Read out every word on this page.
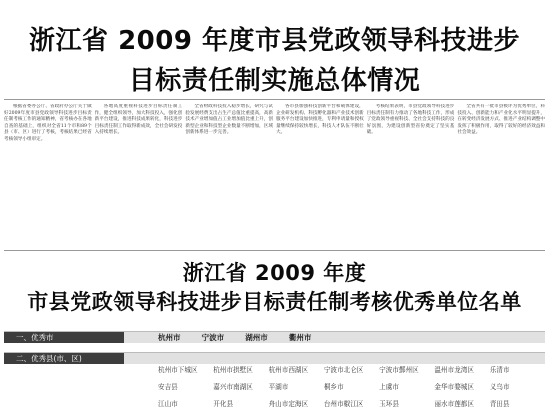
浙江省 2009 年度市县党政领导科技进步
目标责任制实施总体情况

根据省委办公厅、省政府办公厅关于做好2009年度市县党政领导科技进步目标责任制考核工作的通知精神，省考核办在各地自查的基础上，组织对全省11个市和89个县（市、区）进行了考核，考核结果已经省考核领导小组审定。

各地高度重视科技进步目标责任制工作，健全组织领导，加大科技投入，强化创新平台建设，推进科技成果转化，科技进步目标责任制工作取得新成效，全社会研发投入持续增长。

全省财政科技投入稳步增长，研究与试验发展经费支出占生产总值比重提高，高新技术产业增加值占工业增加值比重上升，创新型企业和科技型企业数量不断增加，区域创新体系进一步完善。

各市县加强科技创新平台和载体建设，企业研发机构、科技孵化器和产业技术创新服务平台建设加快推进，专利申请量和授权量继续保持较快增长，科技人才队伍不断壮大。

考核结果表明，市县党政领导科技进步目标责任制有力推动了各地科技工作，形成了党政领导重视科技、全社会支持科技的良好氛围，为建设创新型省份奠定了坚实基础。

全省共有一批市县被评为优秀单位，科技投入、创新能力和产业化水平明显提升，在转变经济发展方式、推进产业结构调整中发挥了积极作用，取得了较好的经济效益和社会效益。

浙江省 2009 年度
市县党政领导科技进步目标责任制考核优秀单位名单
一、优秀市	杭州市	宁波市	湖州市	衢州市
二、优秀县(市、区)
杭州市下城区	杭州市拱墅区	杭州市西湖区	宁波市北仑区	宁波市鄞州区	温州市龙湾区	乐清市
安吉县	嘉兴市南湖区	平湖市	桐乡市	上虞市	金华市婺城区	义乌市
江山市	开化县	舟山市定海区	台州市椒江区	玉环县	丽水市莲都区	青田县
